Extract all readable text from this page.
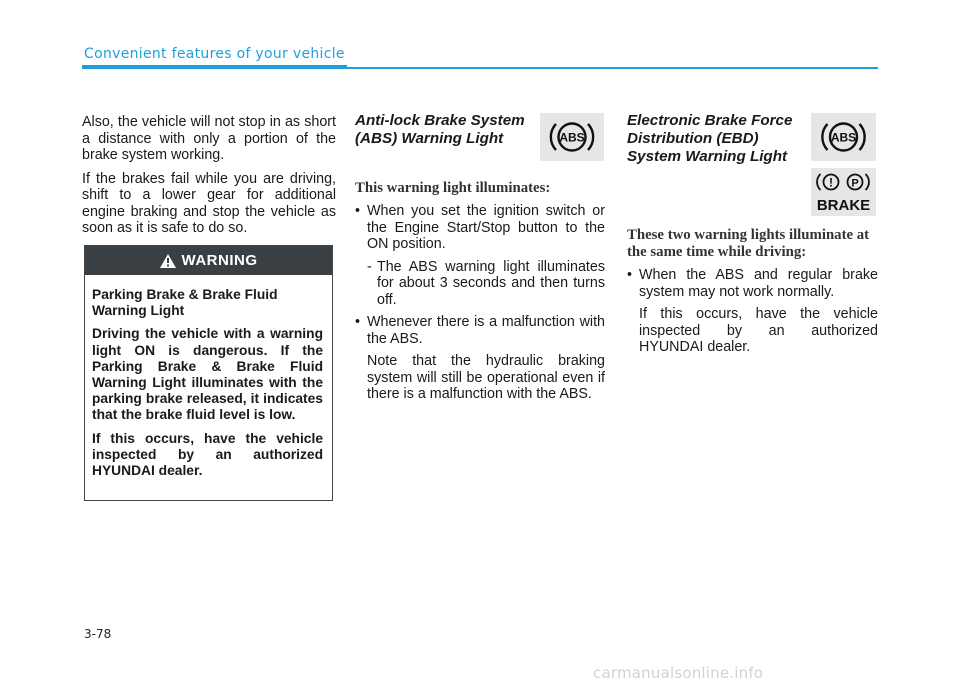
Convenient features of your vehicle

Also, the vehicle will not stop in as short a distance with only a portion of the brake system working.

If the brakes fail while you are driving, shift to a lower gear for additional engine braking and stop the vehicle as soon as it is safe to do so.

WARNING

Parking Brake & Brake Fluid Warning Light

Driving the vehicle with a warning light ON is dangerous. If the Parking Brake & Brake Fluid Warning Light illuminates with the parking brake released, it indicates that the brake fluid level is low.

If this occurs, have the vehicle inspected by an authorized HYUNDAI dealer.

Anti-lock Brake System (ABS) Warning Light
This warning light illuminates:
• When you set the ignition switch or the Engine Start/Stop button to the ON position.
- The ABS warning light illuminates for about 3 seconds and then turns off.
• Whenever there is a malfunction with the ABS.
Note that the hydraulic braking system will still be operational even if there is a malfunction with the ABS.
ABS
Electronic Brake Force Distribution (EBD) System Warning Light
These two warning lights illuminate at the same time while driving:
• When the ABS and regular brake system may not work normally.
If this occurs, have the vehicle inspected by an authorized HYUNDAI dealer.
ABS
! P
BRAKE
3-78
carmanualsonline.info
